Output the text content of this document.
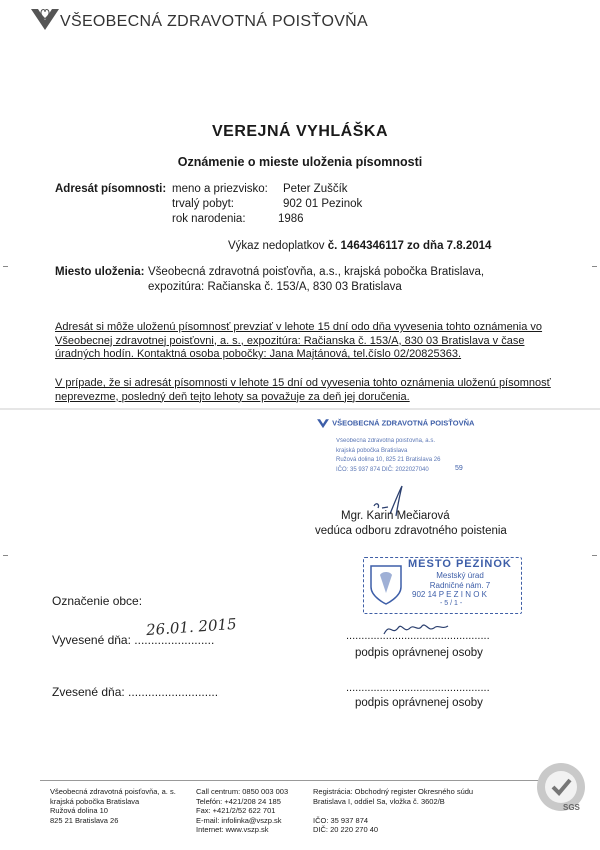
VŠEOBECNÁ ZDRAVOTNÁ POISŤOVŇA
VEREJNÁ VYHLÁŠKA
Oznámenie o mieste uloženia písomnosti
Adresát písomnosti: meno a priezvisko: Peter Zuščík
trvalý pobyt:	902 01 Pezinok
rok narodenia:	1986
Výkaz nedoplatkov č. 1464346117 zo dňa 7.8.2014
Miesto uloženia: Všeobecná zdravotná poisťovňa, a.s., krajská pobočka Bratislava,
expozitúra: Račianska č. 153/A, 830 03 Bratislava
Adresát si môže uloženú písomnosť prevziať v lehote 15 dní odo dňa vyvesenia tohto oznámenia vo Všeobecnej zdravotnej poisťovni, a. s., expozitúra: Račianska č. 153/A, 830 03 Bratislava v čase úradných hodín. Kontaktná osoba pobočky: Jana Majtánová, tel.číslo 02/20825363.
V prípade, že si adresát písomnosti v lehote 15 dní od vyvesenia tohto oznámenia uloženú písomnosť neprevezme, posledný deň tejto lehoty sa považuje za deň jej doručenia.
VŠEOBECNÁ ZDRAVOTNÁ POISŤOVŇA
Všeobecná zdravotná poisťovňa, a.s.
krajská pobočka Bratislava
Ružová dolina 10, 825 21 Bratislava 26
IČO: 35 937 874 DIČ: 2022027040	59
Mgr. Karin Mečiarová
vedúca odboru zdravotného poistenia
MESTO PEZINOK
Mestský úrad
Radničné nám. 7
902 14 P E Z I N O K
- 5 / 1 -
Označenie obce:
Vyvesené dňa: ........................
26.01. 2015	...............................................
podpis oprávnenej osoby
Zvesené dňa: ...........................	...............................................
podpis oprávnenej osoby
Všeobecná zdravotná poisťovňa, a. s.
krajská pobočka Bratislava
Ružová dolina 10
825 21 Bratislava 26
Call centrum: 0850 003 003
Telefón: +421/208 24 185
Fax: +421/2/52 622 701
E-mail: infolinka@vszp.sk
Internet: www.vszp.sk
Registrácia: Obchodný register Okresného súdu
Bratislava I, oddiel Sa, vložka č. 3602/B
IČO: 35 937 874
DIČ: 20 220 270 40
SGS
